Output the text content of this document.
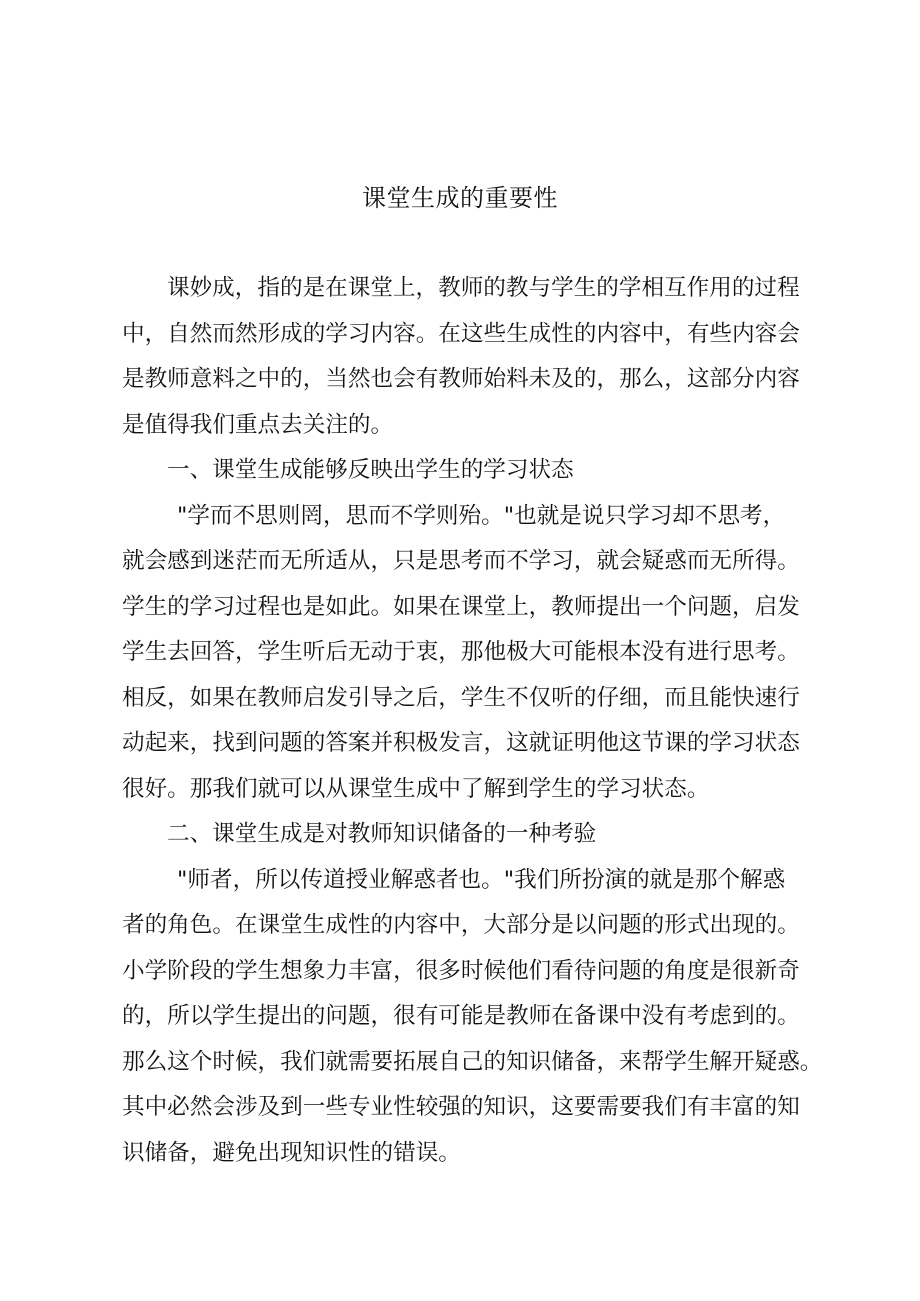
课堂生成的重要性

课妙成，指的是在课堂上，教师的教与学生的学相互作用的过程
中，自然而然形成的学习内容。在这些生成性的内容中，有些内容会
是教师意料之中的，当然也会有教师始料未及的，那么，这部分内容
是值得我们重点去关注的。

一、课堂生成能够反映出学生的学习状态

"学而不思则罔，思而不学则殆。"也就是说只学习却不思考，
就会感到迷茫而无所适从，只是思考而不学习，就会疑惑而无所得。
学生的学习过程也是如此。如果在课堂上，教师提出一个问题，启发
学生去回答，学生听后无动于衷，那他极大可能根本没有进行思考。
相反，如果在教师启发引导之后，学生不仅听的仔细，而且能快速行
动起来，找到问题的答案并积极发言，这就证明他这节课的学习状态
很好。那我们就可以从课堂生成中了解到学生的学习状态。

二、课堂生成是对教师知识储备的一种考验

"师者，所以传道授业解惑者也。"我们所扮演的就是那个解惑
者的角色。在课堂生成性的内容中，大部分是以问题的形式出现的。
小学阶段的学生想象力丰富，很多时候他们看待问题的角度是很新奇
的，所以学生提出的问题，很有可能是教师在备课中没有考虑到的。
那么这个时候，我们就需要拓展自己的知识储备，来帮学生解开疑惑。
其中必然会涉及到一些专业性较强的知识，这要需要我们有丰富的知
识储备，避免出现知识性的错误。
